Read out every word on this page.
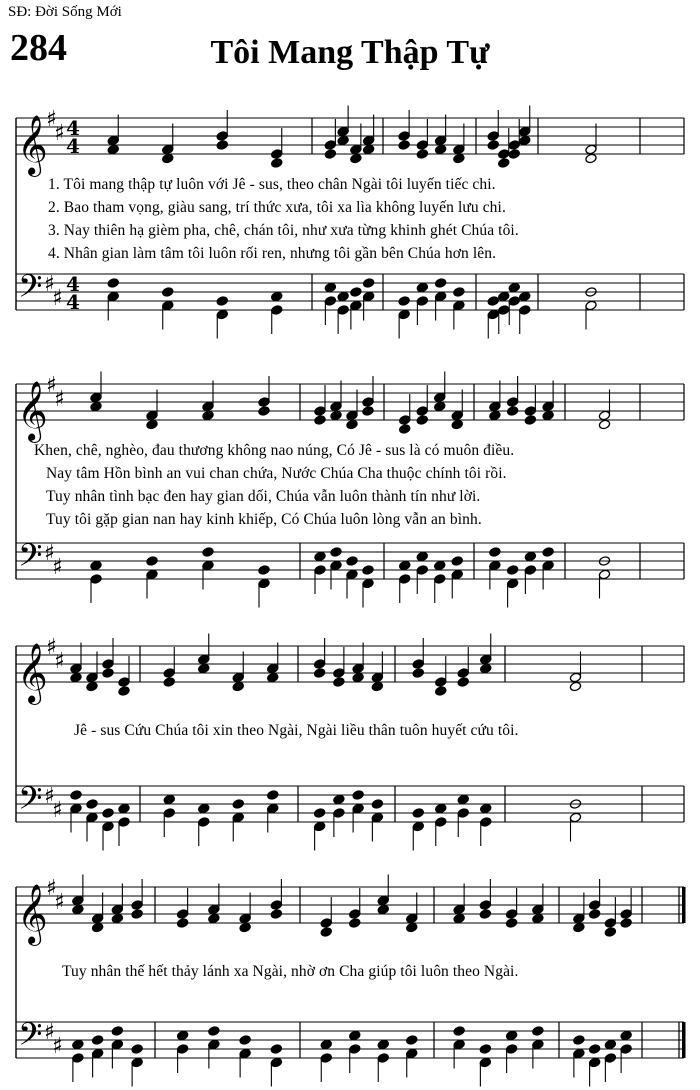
SĐ: Đời Sống Mới
284	Tôi Mang Thập Tự
𝄞
♯
♯ 4
4
𝄢 ♯
♯
4
4
𝄞
♯
♯
𝄢 ♯
♯
𝄞
♯
♯
𝄢 ♯
♯
𝄞
♯
♯
𝄢 ♯
♯
1. Tôi mang thập tự luôn với Jê - sus, theo chân Ngài tôi luyến tiếc chi.
2. Bao tham vọng, giàu sang, trí thức xưa, tôi xa lìa không luyến lưu chi.
3. Nay thiên hạ gièm pha, chê, chán tôi, như xưa từng khinh ghét Chúa tôi.
4. Nhân gian làm tâm tôi luôn rối ren, nhưng tôi gần bên Chúa hơn lên.
Khen, chê, nghèo, đau thương không nao núng, Có Jê - sus là có muôn điều.
Nay tâm Hồn bình an vui chan chứa, Nước Chúa Cha thuộc chính tôi rồi.
Tuy nhân tình bạc đen hay gian dối, Chúa vẫn luôn thành tín như lời.
Tuy tôi gặp gian nan hay kinh khiếp, Có Chúa luôn lòng vẫn an bình.
Jê - sus Cứu Chúa tôi xin theo Ngài, Ngài liều thân tuôn huyết cứu tôi.
Tuy nhân thế hết thảy lánh xa Ngài, nhờ ơn Cha giúp tôi luôn theo Ngài.
